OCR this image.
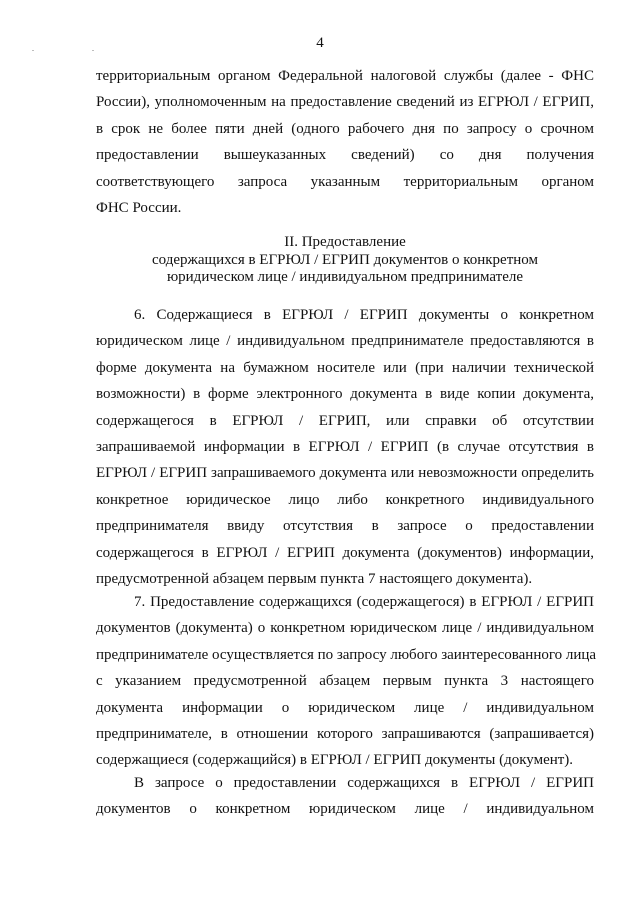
. .	4
территориальным органом Федеральной налоговой службы (далее - ФНС
России), уполномоченным на предоставление сведений из ЕГРЮЛ / ЕГРИП,
в срок не более пяти дней (одного рабочего дня по запросу о срочном
предоставлении вышеуказанных сведений) со дня получения
соответствующего запроса указанным территориальным органом
ФНС России.
II. Предоставление
содержащихся в ЕГРЮЛ / ЕГРИП документов о конкретном
юридическом лице / индивидуальном предпринимателе
6. Содержащиеся в ЕГРЮЛ / ЕГРИП документы о конкретном
юридическом лице / индивидуальном предпринимателе предоставляются в
форме документа на бумажном носителе или (при наличии технической
возможности) в форме электронного документа в виде копии документа,
содержащегося в ЕГРЮЛ / ЕГРИП, или справки об отсутствии
запрашиваемой информации в ЕГРЮЛ / ЕГРИП (в случае отсутствия в
ЕГРЮЛ / ЕГРИП запрашиваемого документа или невозможности определить
конкретное юридическое лицо либо конкретного индивидуального
предпринимателя ввиду отсутствия в запросе о предоставлении
содержащегося в ЕГРЮЛ / ЕГРИП документа (документов) информации,
предусмотренной абзацем первым пункта 7 настоящего документа).
7. Предоставление содержащихся (содержащегося) в ЕГРЮЛ / ЕГРИП
документов (документа) о конкретном юридическом лице / индивидуальном
предпринимателе осуществляется по запросу любого заинтересованного лица
с указанием предусмотренной абзацем первым пункта 3 настоящего
документа информации о юридическом лице / индивидуальном
предпринимателе, в отношении которого запрашиваются (запрашивается)
содержащиеся (содержащийся) в ЕГРЮЛ / ЕГРИП документы (документ).
В запросе о предоставлении содержащихся в ЕГРЮЛ / ЕГРИП
документов о конкретном юридическом лице / индивидуальном
